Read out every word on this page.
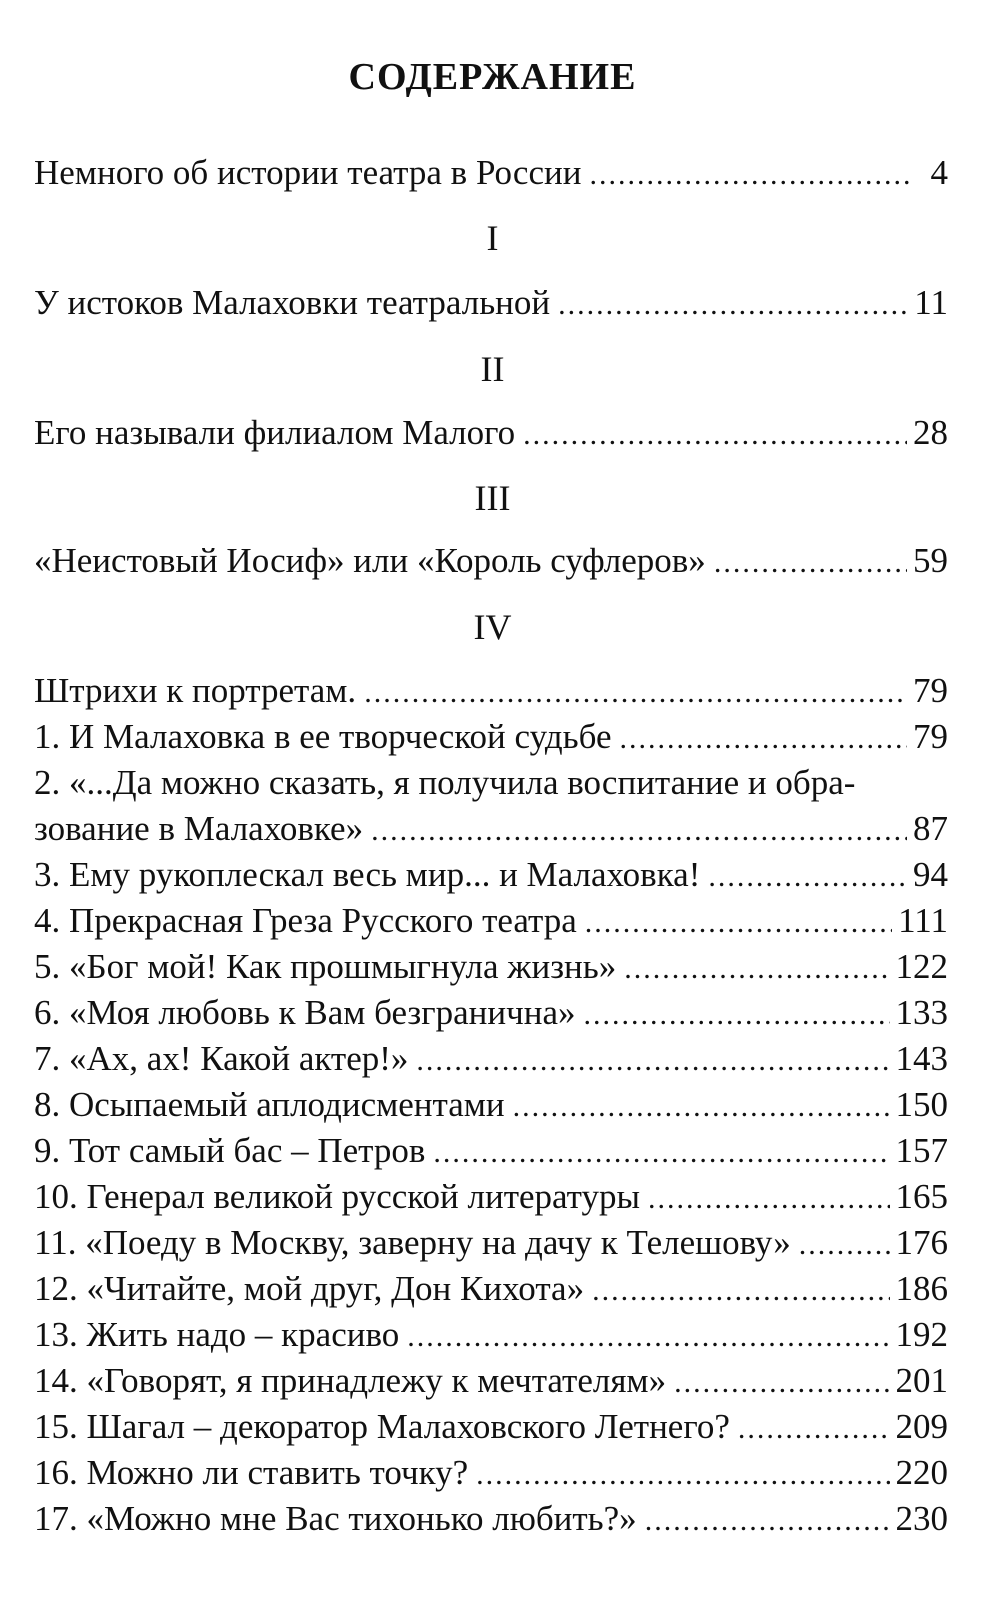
СОДЕРЖАНИЕ
Немного об истории театра в России .....	4
I
У истоков Малаховки театральной .....	11
II
Его называли филиалом Малого .....	28
III
«Неистовый Иосиф» или «Король суфлеров» .....	59
IV
Штрихи к портретам. .....	79
1. И Малаховка в ее творческой судьбе .....	79
2. «...Да можно сказать, я получила воспитание и обра-
зование в Малаховке» .....	87
3. Ему рукоплескал весь мир... и Малаховка! .....	94
4. Прекрасная Греза Русского театра .....	111
5. «Бог мой! Как прошмыгнула жизнь» .....	122
6. «Моя любовь к Вам безгранична» .....	133
7. «Ах, ах! Какой актер!» .....	143
8. Осыпаемый аплодисментами .....	150
9. Тот самый бас – Петров .....	157
10. Генерал великой русской литературы .....	165
11. «Поеду в Москву, заверну на дачу к Телешову» .....	176
12. «Читайте, мой друг, Дон Кихота» .....	186
13. Жить надо – красиво .....	192
14. «Говорят, я принадлежу к мечтателям» .....	201
15. Шагал – декоратор Малаховского Летнего? .....	209
16. Можно ли ставить точку? .....	220
17. «Можно мне Вас тихонько любить?» .....	230
